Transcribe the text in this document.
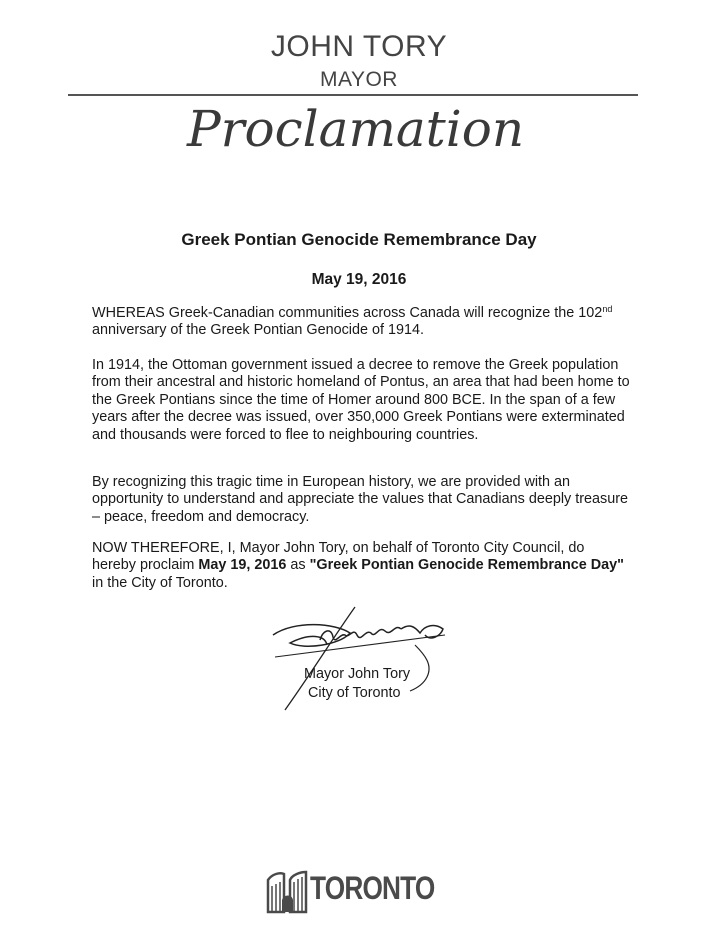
JOHN TORY
MAYOR
Proclamation
Greek Pontian Genocide Remembrance Day
May 19, 2016

WHEREAS Greek-Canadian communities across Canada will recognize the 102nd anniversary of the Greek Pontian Genocide of 1914.

In 1914, the Ottoman government issued a decree to remove the Greek population from their ancestral and historic homeland of Pontus, an area that had been home to the Greek Pontians since the time of Homer around 800 BCE. In the span of a few years after the decree was issued, over 350,000 Greek Pontians were exterminated and thousands were forced to flee to neighbouring countries.

By recognizing this tragic time in European history, we are provided with an opportunity to understand and appreciate the values that Canadians deeply treasure – peace, freedom and democracy.

NOW THEREFORE, I, Mayor John Tory, on behalf of Toronto City Council, do hereby proclaim May 19, 2016 as "Greek Pontian Genocide Remembrance Day" in the City of Toronto.

Mayor John Tory
City of Toronto
TORONTO
